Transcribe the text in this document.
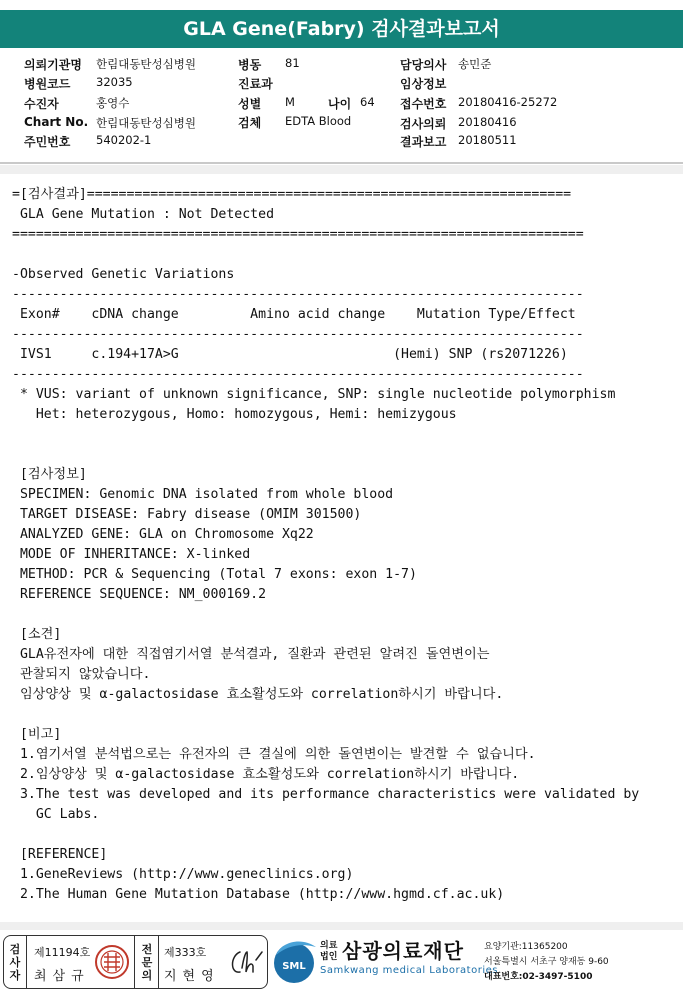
GLA Gene(Fabry) 검사결과보고서
의뢰기관명 한림대동탄성심병원
병원코드 32035
수진자	홍영수
Chart No. 한림대동탄성심병원
주민번호 540202-1
병동 81
진료과
성별 M	나이 64
검체 EDTA Blood
담당의사 송민준
임상정보
접수번호 20180416-25272
검사의뢰 20180416
결과보고 20180511
=[검사결과]=============================================================
GLA Gene Mutation : Not Detected
========================================================================
-Observed Genetic Variations
------------------------------------------------------------------------
Exon#    cDNA change         Amino acid change    Mutation Type/Effect
------------------------------------------------------------------------
IVS1     c.194+17A>G                           (Hemi) SNP (rs2071226)
------------------------------------------------------------------------
* VUS: variant of unknown significance, SNP: single nucleotide polymorphism
Het: heterozygous, Homo: homozygous, Hemi: hemizygous
[검사정보]
SPECIMEN: Genomic DNA isolated from whole blood
TARGET DISEASE: Fabry disease (OMIM 301500)
ANALYZED GENE: GLA on Chromosome Xq22
MODE OF INHERITANCE: X-linked
METHOD: PCR & Sequencing (Total 7 exons: exon 1-7)
REFERENCE SEQUENCE: NM_000169.2
[소견]
GLA유전자에 대한 직접염기서열 분석결과, 질환과 관련된 알려진 돌연변이는
관찰되지 않았습니다.
임상양상 및 α-galactosidase 효소활성도와 correlation하시기 바랍니다.
[비고]
1.염기서열 분석법으로는 유전자의 큰 결실에 의한 돌연변이는 발견할 수 없습니다.
2.임상양상 및 α-galactosidase 효소활성도와 correlation하시기 바랍니다.
3.The test was developed and its performance characteristics were validated by
GC Labs.
[REFERENCE]
1.GeneReviews (http://www.geneclinics.org)
2.The Human Gene Mutation Database (http://www.hgmd.cf.ac.uk)
검사자
제11194호
최삼규
전문의
제333호
지현영
SML
의료
법인 삼광의료재단
Samkwang medical Laboratories
요양기관:11365200
서울특별시 서초구 양재동 9-60
대표번호:02-3497-5100
